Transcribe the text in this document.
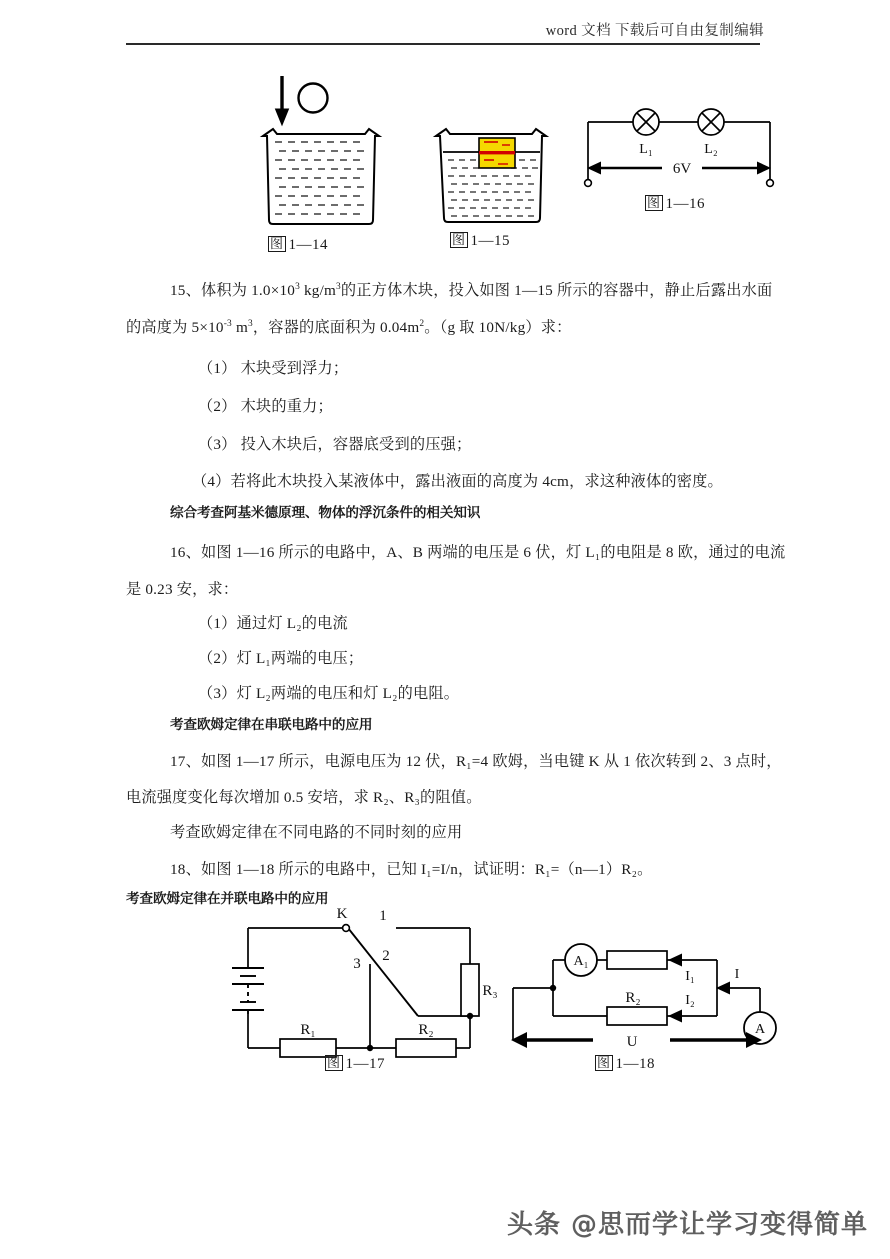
word 文档 下载后可自由复制编辑
图 1—14	图 1—15
L₁	L₂
6V
图 1—16
15、体积为 $1.0\times 10^3$ $kg/m^3$的正方体木块，投入如图 1—15 所示的容器中，静止后露出水面
的高度为 $5\times 10^{-3}$ $m^3$，容器的底面积为 $0.04m^2$。（g 取 10N/kg）求：
（1） 木块受到浮力；
（2） 木块的重力；
（3） 投入木块后，容器底受到的压强；
（4）若将此木块投入某液体中，露出液面的高度为 4cm，求这种液体的密度。
综合考查阿基米德原理、物体的浮沉条件的相关知识
16、如图 1—16 所示的电路中，A、B 两端的电压是 6 伏，灯 L₁的电阻是 8 欧，通过的电流
是 0.23 安，求：
（1）通过灯 L₂的电流
（2）灯 L₁两端的电压；
（3）灯 L₂两端的电压和灯 L₂的电阻。
考查欧姆定律在串联电路中的应用
17、如图 1—17 所示，电源电压为 12 伏，R₁=4 欧姆，当电键 K 从 1 依次转到 2、3 点时，
电流强度变化每次增加 0.5 安培，求 R₂、R₃的阻值。
考查欧姆定律在不同电路的不同时刻的应用
18、如图 1—18 所示的电路中，已知 I₁=I/n，试证明：R₁=（n—1）R₂。
考查欧姆定律在并联电路中的应用
K 1
2
3
R₁	R₂
R₃
图 1—17
A₁
A
I₁
I₂
I
R₂
U
图 1—18
头条 @思而学让学习变得简单
